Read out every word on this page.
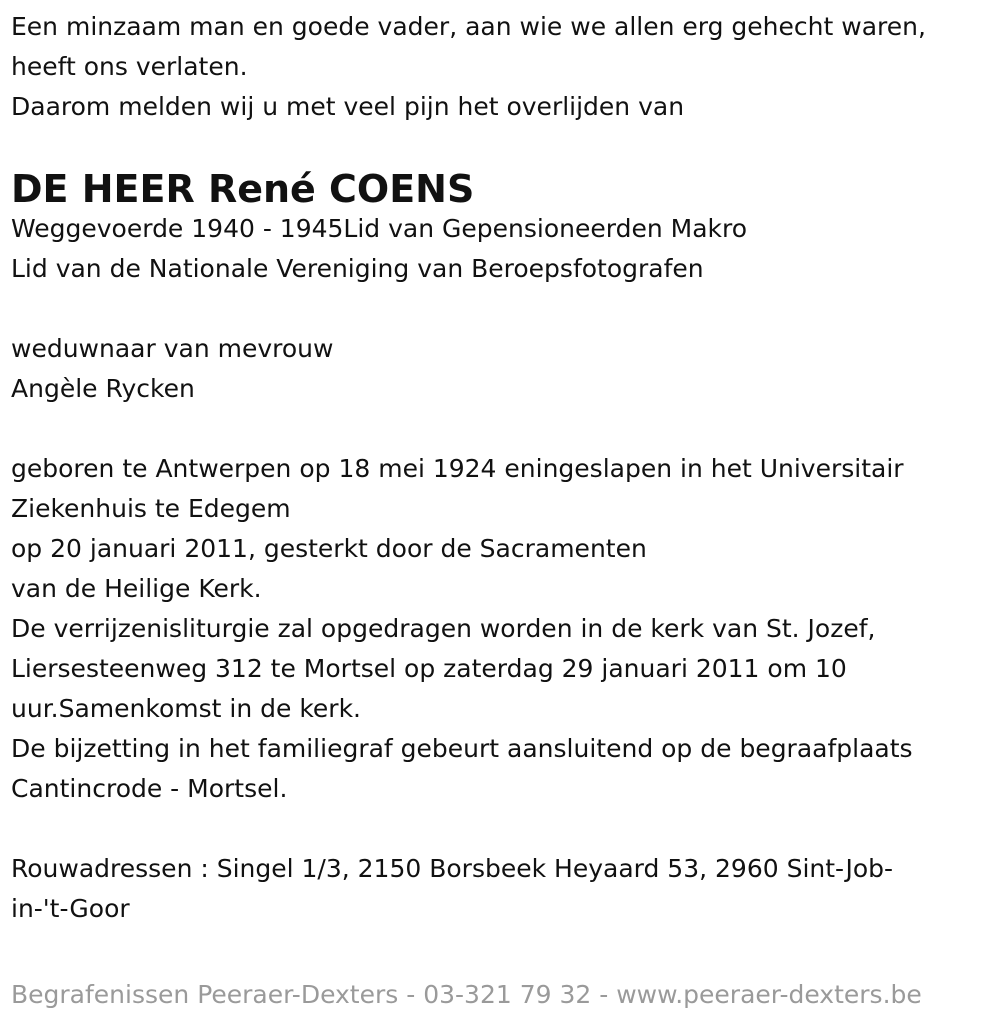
Een minzaam man en goede vader, aan wie we allen erg gehecht waren,
heeft ons verlaten.
Daarom melden wij u met veel pijn het overlijden van
DE HEER René COENS
Weggevoerde 1940 - 1945Lid van Gepensioneerden Makro
Lid van de Nationale Vereniging van Beroepsfotografen
weduwnaar van mevrouw
Angèle Rycken
geboren te Antwerpen op 18 mei 1924 eningeslapen in het Universitair
Ziekenhuis te Edegem
op 20 januari 2011, gesterkt door de Sacramenten
van de Heilige Kerk.
De verrijzenisliturgie zal opgedragen worden in de kerk van St. Jozef,
Liersesteenweg 312 te Mortsel op zaterdag 29 januari 2011 om 10
uur.Samenkomst in de kerk.
De bijzetting in het familiegraf gebeurt aansluitend op de begraafplaats
Cantincrode - Mortsel.
Rouwadressen : Singel 1/3, 2150 Borsbeek Heyaard 53, 2960 Sint-Job-
in-'t-Goor
Begrafenissen Peeraer-Dexters - 03-321 79 32 - www.peeraer-dexters.be
